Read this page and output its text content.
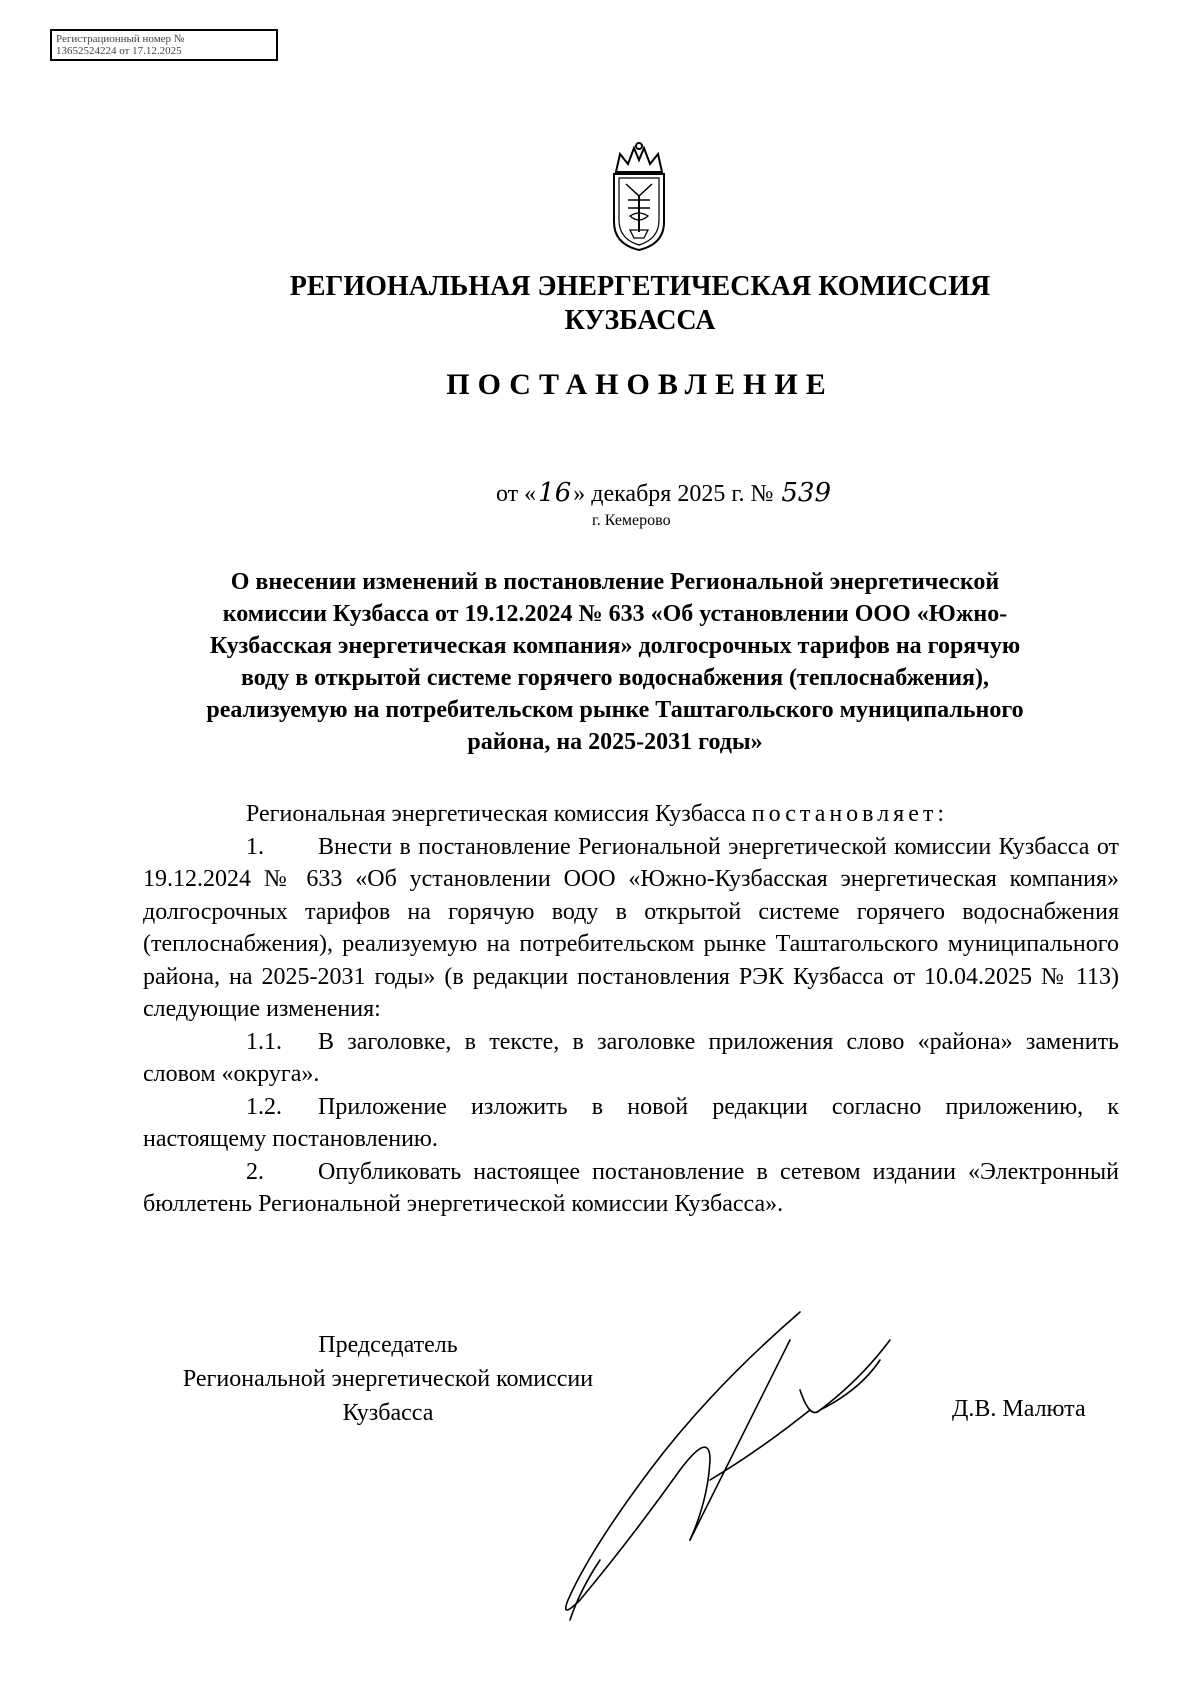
Регистрационный номер №
13652524224 от 17.12.2025
РЕГИОНАЛЬНАЯ ЭНЕРГЕТИЧЕСКАЯ КОМИССИЯ
КУЗБАССА
ПОСТАНОВЛЕНИЕ
от «16» декабря 2025 г. № 539
г. Кемерово
О внесении изменений в постановление Региональной энергетической
комиссии Кузбасса от 19.12.2024 № 633 «Об установлении ООО «Южно-
Кузбасская энергетическая компания» долгосрочных тарифов на горячую
воду в открытой системе горячего водоснабжения (теплоснабжения),
реализуемую на потребительском рынке Таштагольского муниципального
района, на 2025-2031 годы»

Региональная энергетическая комиссия Кузбасса постановляет:

1. Внести в постановление Региональной энергетической комиссии Кузбасса от 19.12.2024 № 633 «Об установлении ООО «Южно-Кузбасская энергетическая компания» долгосрочных тарифов на горячую воду в открытой системе горячего водоснабжения (теплоснабжения), реализуемую на потребительском рынке Таштагольского муниципального района, на 2025-2031 годы» (в редакции постановления РЭК Кузбасса от 10.04.2025 № 113) следующие изменения:

1.1. В заголовке, в тексте, в заголовке приложения слово «района» заменить словом «округа».

1.2. Приложение изложить в новой редакции согласно приложению, к настоящему постановлению.

2. Опубликовать настоящее постановление в сетевом издании «Электронный бюллетень Региональной энергетической комиссии Кузбасса».

Председатель
Региональной энергетической комиссии
Кузбасса	Д.В. Малюта
